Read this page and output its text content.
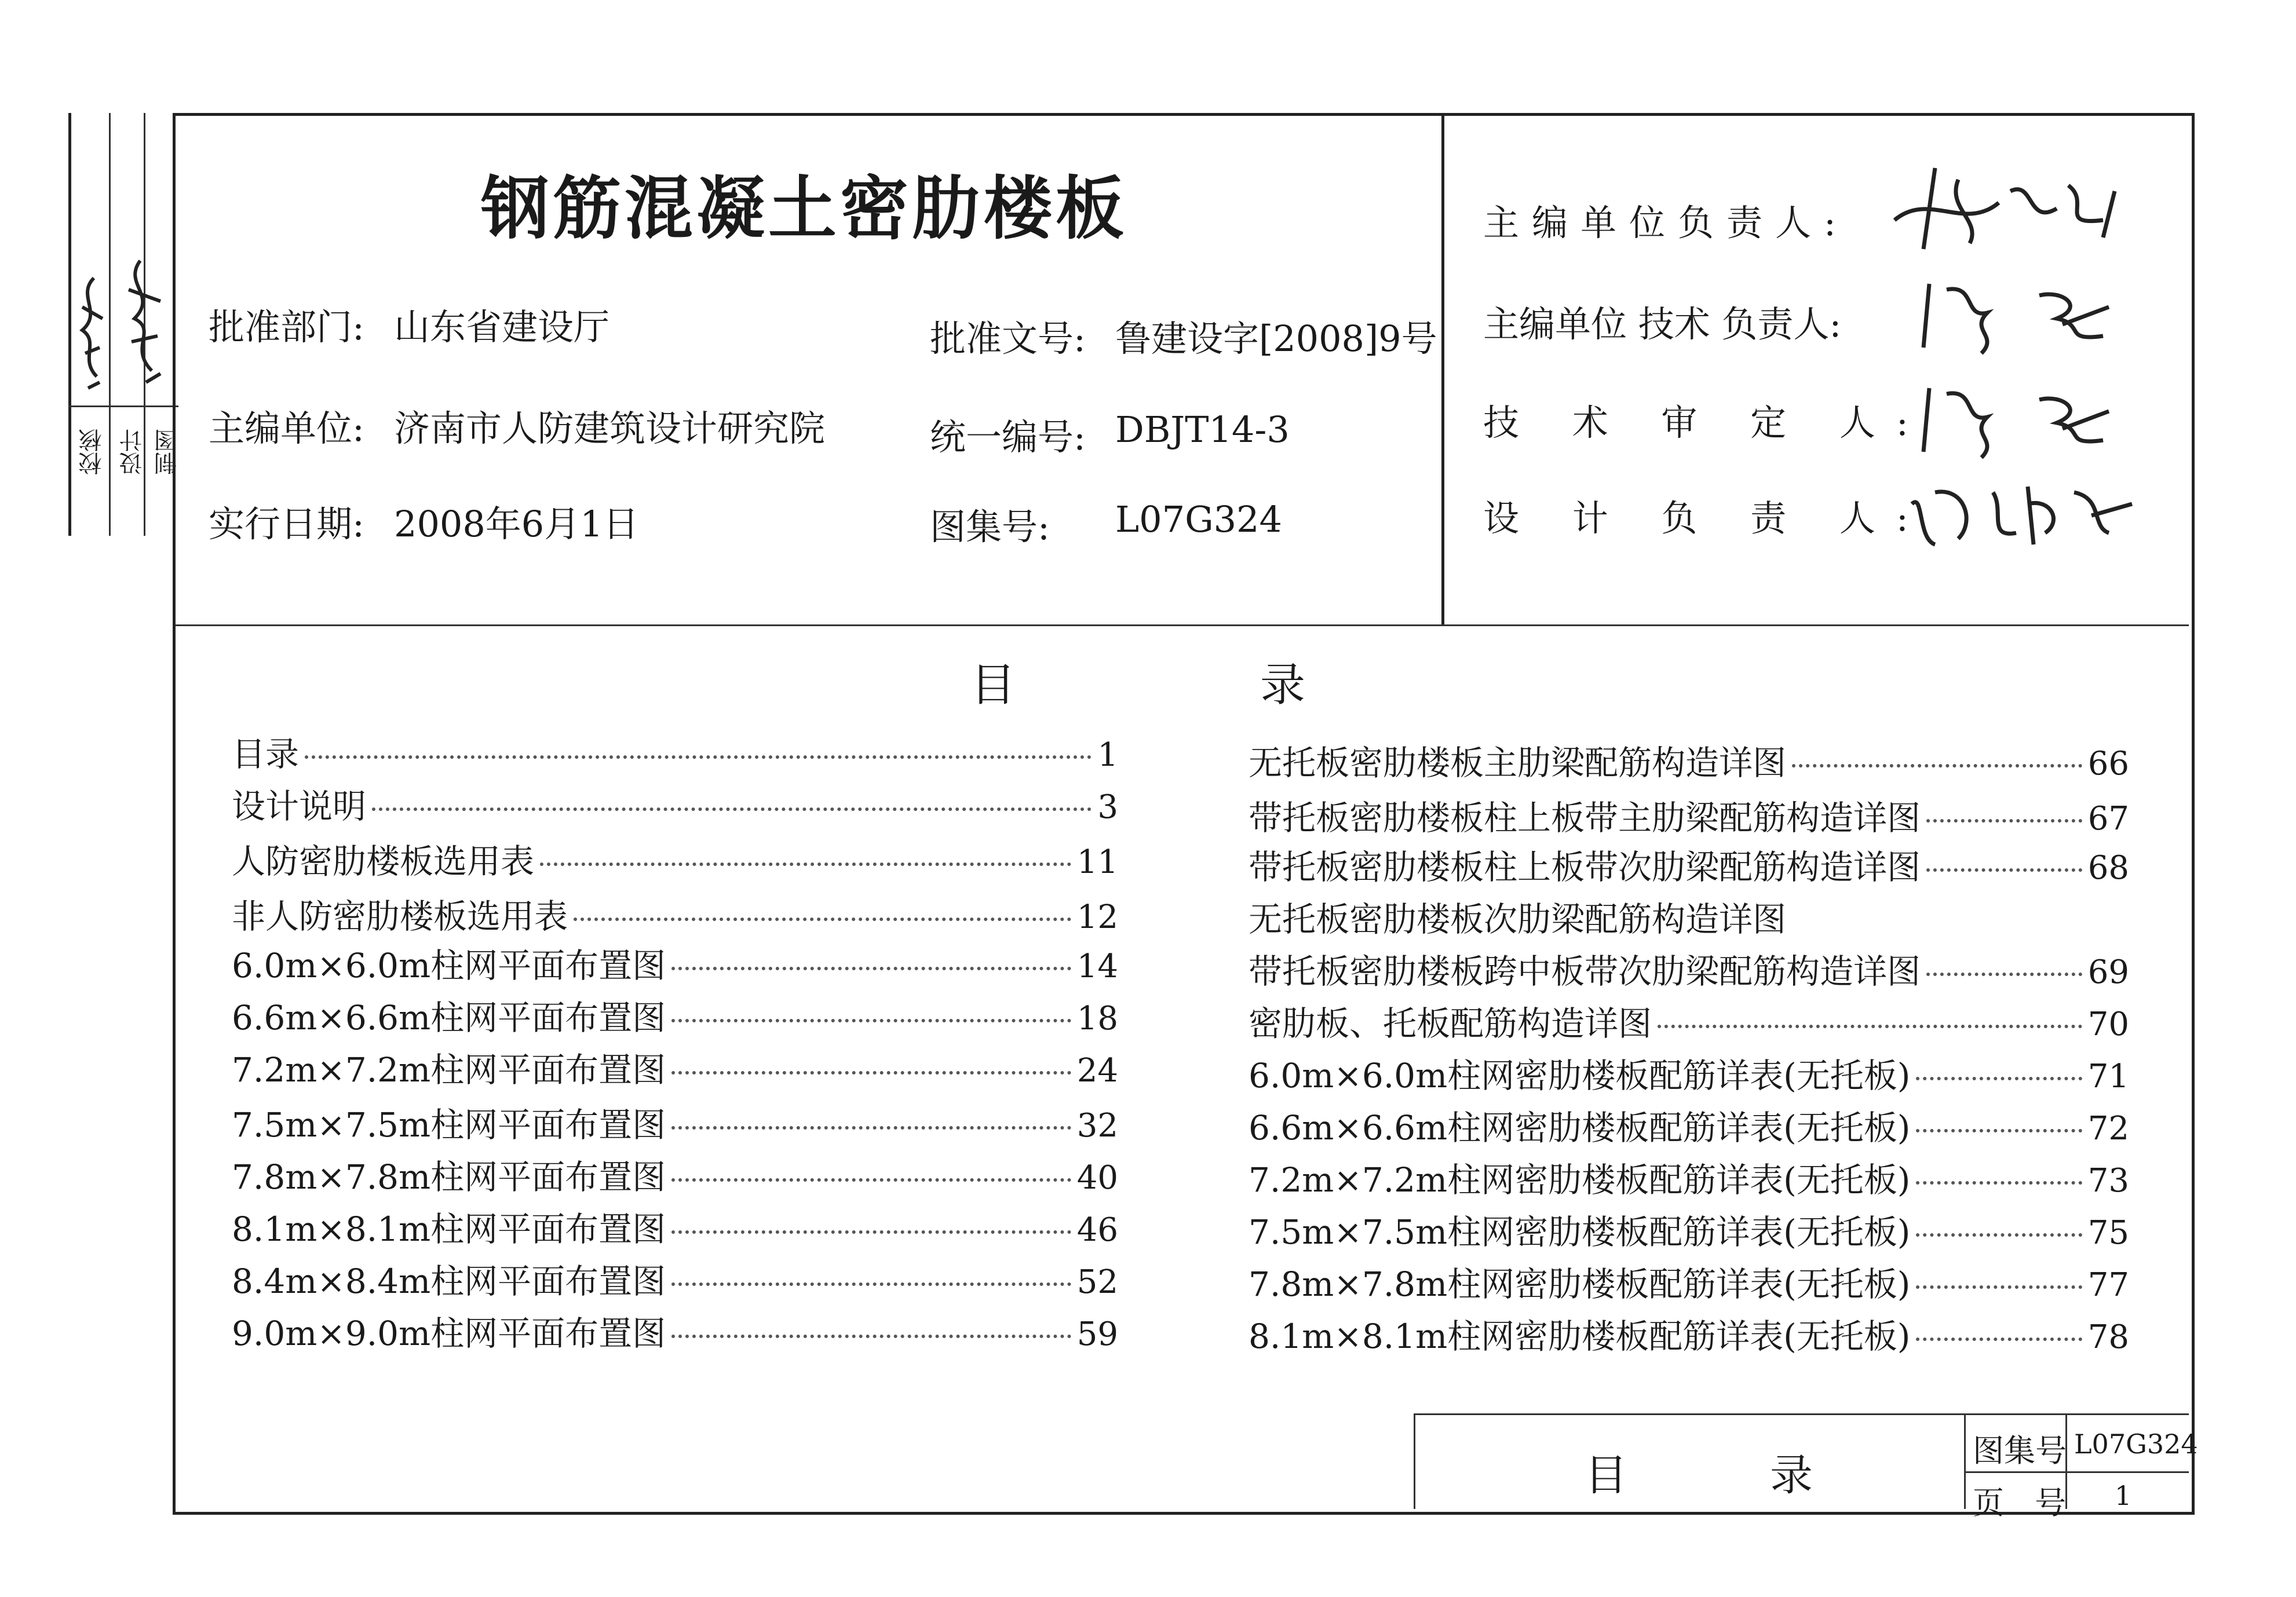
校核 设计 制图
钢筋混凝土密肋楼板
批准部门: 山东省建设厅	批准文号: 鲁建设字[2008]9号
主编单位: 济南市人防建筑设计研究院	统一编号: DBJT14-3
实行日期: 2008年6月1日	图集号: L07G324
主编单位负责人:
主编单位 技术 负责人:
技 术 审 定 人:
设 计 负 责 人:
目	录
目录	1
设计说明	3
人防密肋楼板选用表	11
非人防密肋楼板选用表	12
6.0m×6.0m柱网平面布置图	14
6.6m×6.6m柱网平面布置图	18
7.2m×7.2m柱网平面布置图	24
7.5m×7.5m柱网平面布置图	32
7.8m×7.8m柱网平面布置图	40
8.1m×8.1m柱网平面布置图	46
8.4m×8.4m柱网平面布置图	52
9.0m×9.0m柱网平面布置图	59
无托板密肋楼板主肋梁配筋构造详图	66
带托板密肋楼板柱上板带主肋梁配筋构造详图	67
带托板密肋楼板柱上板带次肋梁配筋构造详图	68
无托板密肋楼板次肋梁配筋构造详图
带托板密肋楼板跨中板带次肋梁配筋构造详图	69
密肋板、托板配筋构造详图	70
6.0m×6.0m柱网密肋楼板配筋详表(无托板)	71
6.6m×6.6m柱网密肋楼板配筋详表(无托板)	72
7.2m×7.2m柱网密肋楼板配筋详表(无托板)	73
7.5m×7.5m柱网密肋楼板配筋详表(无托板)	75
7.8m×7.8m柱网密肋楼板配筋详表(无托板)	77
8.1m×8.1m柱网密肋楼板配筋详表(无托板)	78
目	录	图集号 L07G324
页 号 1
